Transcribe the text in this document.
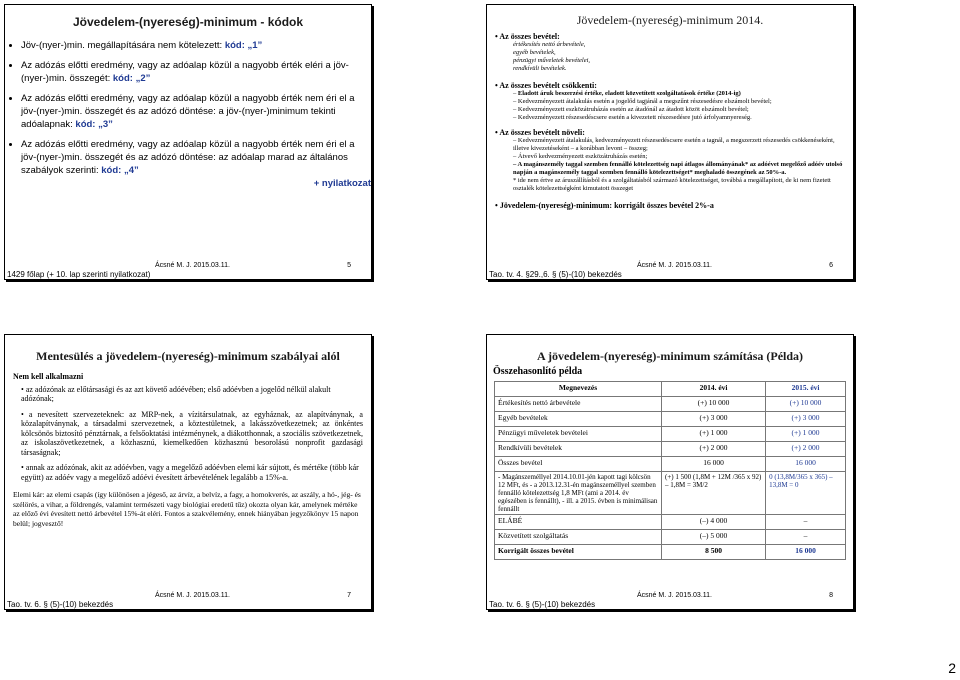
Jövedelem-(nyereség)-minimum - kódok
• Jöv-(nyer-)min. megállapítására nem kötelezett: kód: „1”
• Az adózás előtti eredmény, vagy az adóalap közül a nagyobb érték eléri a jöv-(nyer-)min. összegét: kód: „2”
• Az adózás előtti eredmény, vagy az adóalap közül a nagyobb érték nem éri el a jöv-(nyer-)min. összegét és az adózó döntése: a jöv-(nyer-)minimum tekinti adóalapnak: kód: „3”
• Az adózás előtti eredmény, vagy az adóalap közül a nagyobb érték nem éri el a jöv-(nyer-)min. összegét és az adózó döntése: az adóalap marad az általános szabályok szerinti: kód: „4”
+ nyilatkozat
Ácsné M. J. 2015.03.11.	5
1429 főlap (+ 10. lap szerinti nyilatkozat)
Jövedelem-(nyereség)-minimum 2014.
• Az összes bevétel:
értékesítés nettó árbevétele,
egyéb bevételek,
pénzügyi műveletek bevételei,
rendkívüli bevételek.
• Az összes bevételt csökkenti:
– Eladott áruk beszerzési értéke, eladott közvetített szolgáltatások értéke (2014-ig)
– Kedvezményezett átalakulás esetén a jogelőd tagjánál a megszűnt részesedésre elszámolt bevétel;
– Kedvezményezett eszközátruházás esetén az átadónál az átadott közöt elszámolt bevétel;
– Kedvezményezett részesedéscsere esetén a kivezetett részesedésre jutó árfolyamnyereség.
• Az összes bevételt növeli:
– Kedvezményezett átalakulás, kedvezményezett részesedéscsere esetén a tagnál, a megszerzett részesedés csökkenéseként, illetve kivezetéseként – a korábban levont – összeg;
– Átvevő kedvezményezett eszközátruházás esetén;
– A magánszemély taggal szemben fennálló kötelezettség napi átlagos állományának* az adóévet megelőző adóév utolsó napján a magánszemély taggal szemben fennálló kötelezettséget* meghaladó összegének az 50%-a.
* ide nem értve az áruszállításból és a szolgáltatásból származó kötelezettséget, továbbá a megállapított, de ki nem fizetett osztalék kötelezettségként kimutatott összeget
• Jövedelem-(nyereség)-minimum: korrigált összes bevétel 2%-a
Ácsné M. J. 2015.03.11.	6
Tao. tv. 4. §29.,6. § (5)-(10) bekezdés
Mentesülés a jövedelem-(nyereség)-minimum szabályai alól
Nem kell alkalmazni
• az adózónak az előtársasági és az azt követő adóévében; első adóévben a jogelőd nélkül alakult adózónak;
• a nevesített szervezeteknek: az MRP-nek, a vízitársulatnak, az egyháznak, az alapítványnak, a közalapítványnak, a társadalmi szervezetnek, a köztestületnek, a lakásszövetkezetnek; az önkéntes kölcsönös biztosító pénztárnak, a felsőoktatási intézménynek, a diákotthonnak, a szociális szövetkezetnek, az iskolaszövetkezetnek, a közhasznú, kiemelkedően közhasznú besorolású nonprofit gazdasági társaságnak;
• annak az adózónak, akit az adóévben, vagy a megelőző adóévben elemi kár sújtott, és mértéke (több kár együtt) az adóév vagy a megelőző adóévi évesített árbevételének legalább a 15%-a.
Elemi kár: az elemi csapás (így különösen a jégeső, az árvíz, a belvíz, a fagy, a homokverés, az aszály, a hó-, jég- és szélörés, a vihar, a földrengés, valamint természeti vagy biológiai eredetű tűz) okozta olyan kár, amelynek mértéke az előző évi évesített nettó árbevétel 15%-át eléri. Fontos a szakvélemény, ennek hiányában jegyzőkönyv 15 napon belül; jogvesztő!
Ácsné M. J. 2015.03.11.	7
Tao. tv. 6. § (5)-(10) bekezdés
A jövedelem-(nyereség)-minimum számítása (Példa)
Összehasonlító példa
Megnevezés	2014. évi	2015. évi
Értékesítés nettó árbevétele	(+) 10 000	(+) 10 000
Egyéb bevételek	(+) 3 000	(+) 3 000
Pénzügyi műveletek bevételei	(+) 1 000	(+) 1 000
Rendkívüli bevételek	(+) 2 000	(+) 2 000
Összes bevétel	16 000	16 000
- Magánszeméllyel 2014.10.01-jén kapott tagi kölcsön 12 MFt, és - a 2013.12.31-én magánszeméllyel szemben fennálló kötelezettség 1,8 MFt (ami a 2014. év egészében is fennállt), - ill. a 2015. évben is minimálisan fennállt	(+) 1 500 (1,8M + 12M /365 x 92) – 1,8M = 3M/2	0 (13,8M/365 x 365) – 13,8M = 0
ELÁBÉ	(–) 4 000	–
Közvetített szolgáltatás	(–) 5 000	–
Korrigált összes bevétel	8 500	16 000
Ácsné M. J. 2015.03.11.	8
Tao. tv. 6. § (5)-(10) bekezdés
2
